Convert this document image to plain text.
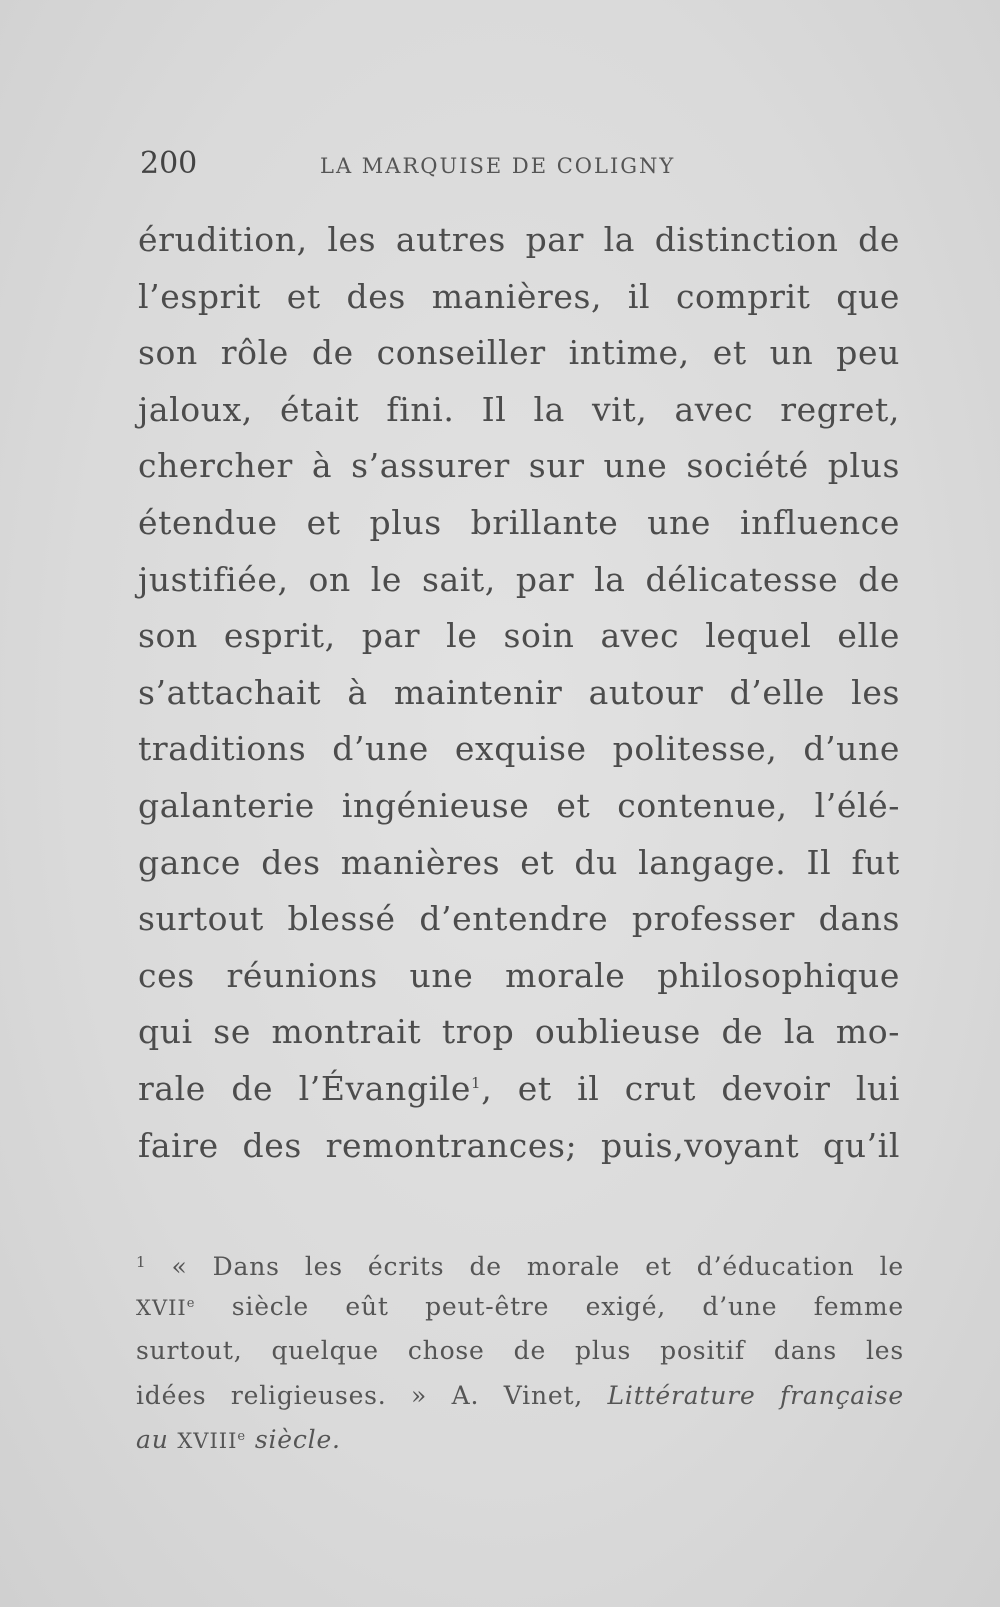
200	LA MARQUISE DE COLIGNY
érudition, les autres par la distinction de
l’esprit et des manières, il comprit que
son rôle de conseiller intime, et un peu
jaloux, était fini. Il la vit, avec regret,
chercher à s’assurer sur une société plus
étendue et plus brillante une influence
justifiée, on le sait, par la délicatesse de
son esprit, par le soin avec lequel elle
s’attachait à maintenir autour d’elle les
traditions d’une exquise politesse, d’une
galanterie ingénieuse et contenue, l’élé-
gance des manières et du langage. Il fut
surtout blessé d’entendre professer dans
ces réunions une morale philosophique
qui se montrait trop oublieuse de la mo-
rale de l’Évangile$^1$, et il crut devoir lui
faire des remontrances; puis,voyant qu’il
$^1$ « Dans les écrits de morale et d’éducation le
XVIIe siècle eût peut-être exigé, d’une femme
surtout, quelque chose de plus positif dans les
idées religieuses. » A. Vinet, Littérature française
au XVIIIe siècle.
